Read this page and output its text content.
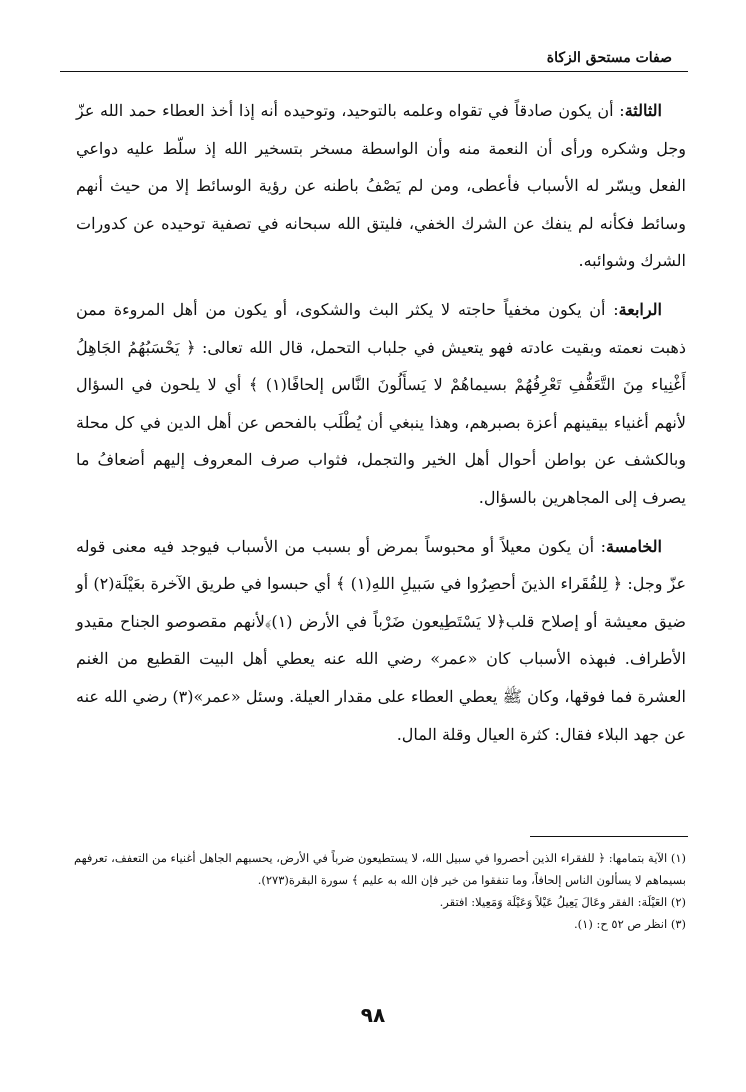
صفات مستحق الزكاة

الثالثة: أن يكون صادقاً في تقواه وعلمه بالتوحيد، وتوحيده أنه إذا أخذ العطاء حمد الله عزّ وجل وشكره ورأى أن النعمة منه وأن الواسطة مسخر بتسخير الله إذ سلّط عليه دواعي الفعل ويسّر له الأسباب فأعطى، ومن لم يَصْفُ باطنه عن رؤية الوسائط إلا من حيث أنهم وسائط فكأنه لم ينفك عن الشرك الخفي، فليتق الله سبحانه في تصفية توحيده عن كدورات الشرك وشوائبه.

الرابعة: أن يكون مخفياً حاجته لا يكثر البث والشكوى، أو يكون من أهل المروءة ممن ذهبت نعمته وبقيت عادته فهو يتعيش في جلباب التحمل، قال الله تعالى: ﴿ يَحْسَبُهُمُ الجَاهِلُ أَغْنِياء مِنَ التَّعَفُّفِ تَعْرِفُهُمْ بسيماهُمْ لا يَسأَلُونَ النَّاس إلحافًا(١) ﴾ أي لا يلحون في السؤال لأنهم أغنياء بيقينهم أعزة بصبرهم، وهذا ينبغي أن يُطْلَب بالفحص عن أهل الدين في كل محلة وبالكشف عن بواطن أحوال أهل الخير والتجمل، فثواب صرف المعروف إليهم أضعافُ ما يصرف إلى المجاهرين بالسؤال.

الخامسة: أن يكون معيلاً أو محبوساً بمرض أو بسبب من الأسباب فيوجد فيه معنى قوله عزّ وجل: ﴿ لِلفُقَراء الذينَ أحصِرُوا في سَبيلِ اللهِ(١) ﴾ أي حبسوا في طريق الآخرة بعَيْلَة(٢) أو ضيق معيشة أو إصلاح قلب﴿لا يَسْتَطِيعون ضَرْباً في الأرض (١)﴾لأنهم مقصوصو الجناح مقيدو الأطراف. فبهذه الأسباب كان «عمر» رضي الله عنه يعطي أهل البيت القطيع من الغنم العشرة فما فوقها، وكان ﷺ يعطي العطاء على مقدار العيلة. وسئل «عمر»(٣) رضي الله عنه عن جهد البلاء فقال: كثرة العيال وقلة المال.

(١) الآية بتمامها: ﴿ للفقراء الذين أحصروا في سبيل الله، لا يستطيعون ضرباً في الأرض، يحسبهم الجاهل أغنياء من التعفف، تعرفهم بسيماهم لا يسألون الناس إلحافاً، وما تنفقوا من خير فإن الله به عليم ﴾ سورة البقرة(٢٧٣).

(٢) العَيْلَة: الفقر وعَالَ يَعِيلُ عَيْلاً وَعَيْلَة وَمَعِيلا: افتقر.

(٣) انظر ص ٥٢ ح: (١).

٩٨
